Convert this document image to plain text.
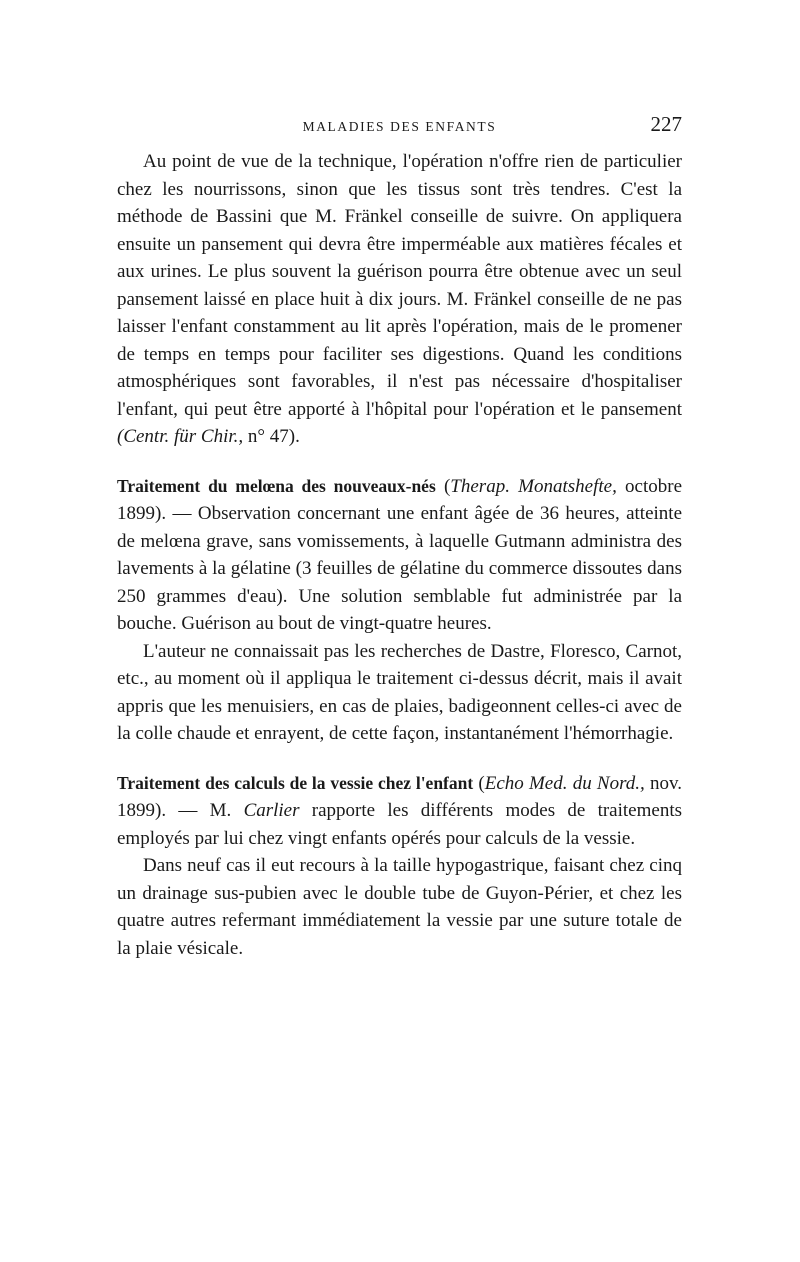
MALADIES DES ENFANTS	227

Au point de vue de la technique, l'opération n'offre rien de particulier chez les nourrissons, sinon que les tissus sont très tendres. C'est la méthode de Bassini que M. Fränkel conseille de suivre. On appliquera ensuite un pansement qui devra être imperméable aux matières fécales et aux urines. Le plus souvent la guérison pourra être obtenue avec un seul pansement laissé en place huit à dix jours. M. Fränkel conseille de ne pas laisser l'enfant constamment au lit après l'opération, mais de le promener de temps en temps pour faciliter ses digestions. Quand les conditions atmosphériques sont favorables, il n'est pas nécessaire d'hospitaliser l'enfant, qui peut être apporté à l'hôpital pour l'opération et le pansement (Centr. für Chir., n° 47).

Traitement du melœna des nouveaux-nés (Therap. Monatshefte, octobre 1899). — Observation concernant une enfant âgée de 36 heures, atteinte de melœna grave, sans vomissements, à laquelle Gutmann administra des lavements à la gélatine (3 feuilles de gélatine du commerce dissoutes dans 250 grammes d'eau). Une solution semblable fut administrée par la bouche. Guérison au bout de vingt-quatre heures.

L'auteur ne connaissait pas les recherches de Dastre, Floresco, Carnot, etc., au moment où il appliqua le traitement ci-dessus décrit, mais il avait appris que les menuisiers, en cas de plaies, badigeonnent celles-ci avec de la colle chaude et enrayent, de cette façon, instantanément l'hémorrhagie.

Traitement des calculs de la vessie chez l'enfant (Echo Med. du Nord., nov. 1899). — M. Carlier rapporte les différents modes de traitements employés par lui chez vingt enfants opérés pour calculs de la vessie.

Dans neuf cas il eut recours à la taille hypogastrique, faisant chez cinq un drainage sus-pubien avec le double tube de Guyon-Périer, et chez les quatre autres refermant immédiatement la vessie par une suture totale de la plaie vésicale.
